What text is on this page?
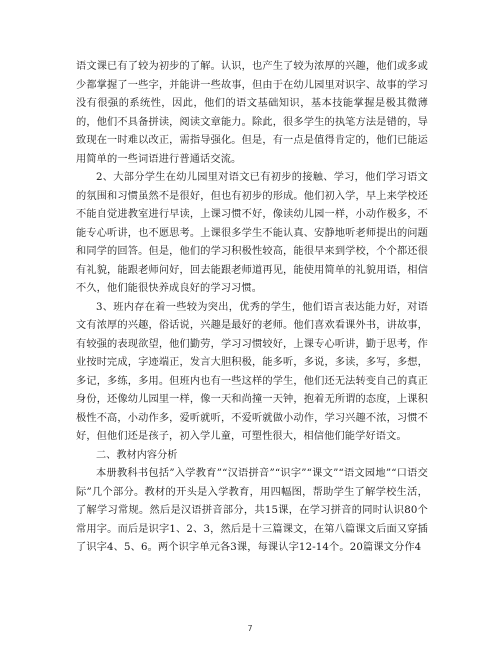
语文课已有了较为初步的了解。认识，也产生了较为浓厚的兴趣，他们或多或少都掌握了一些字，并能讲一些故事，但由于在幼儿园里对识字、故事的学习没有很强的系统性，因此，他们的语文基础知识，基本技能掌握是极其微薄的，他们不具备拼读，阅读文章能力。除此，很多学生的执笔方法是错的，导致现在一时难以改正，需指导强化。但是，有一点是值得肯定的，他们已能运用简单的一些词语进行普通话交流。

2、大部分学生在幼儿园里对语文已有初步的接触、学习，他们学习语文的氛围和习惯虽然不是很好，但也有初步的形成。他们初入学，早上来学校还不能自觉进教室进行早读，上课习惯不好，像读幼儿园一样，小动作极多，不能专心听讲，也不愿思考。上课很多学生不能认真、安静地听老师提出的问题和同学的回答。但是，他们的学习积极性较高，能很早来到学校，个个都还很有礼貌，能跟老师问好，回去能跟老师道再见，能使用简单的礼貌用语，相信不久，他们能很快养成良好的学习习惯。

3、班内存在着一些较为突出，优秀的学生，他们语言表达能力好，对语文有浓厚的兴趣，俗话说，兴趣是最好的老师。他们喜欢看课外书，讲故事，有较强的表现欲望，他们勤劳，学习习惯较好，上课专心听讲，勤于思考，作业按时完成，字迹端正，发言大胆积极，能多听，多说，多读，多写，多想，多记，多练，多用。但班内也有一些这样的学生，他们还无法转变自己的真正身份，还像幼儿园里一样，像一天和尚撞一天钟，抱着无所谓的态度，上课积极性不高，小动作多，爱听就听，不爱听就做小动作，学习兴趣不浓，习惯不好，但他们还是孩子，初入学儿童，可塑性很大，相信他们能学好语文。

二、教材内容分析

本册教科书包括”入学教育”“汉语拼音”“识字”“课文”“语文园地”“口语交际”几个部分。教材的开头是入学教育，用四幅图，帮助学生了解学校生活，了解学习常规。然后是汉语拼音部分，共15课，在学习拼音的同时认识80个常用字。而后是识字1、2、3，然后是十三篇课文，在第八篇课文后面又穿插了识字4、5、6。两个识字单元各3课，每课认字12-14个。20篇课文分作4

7
